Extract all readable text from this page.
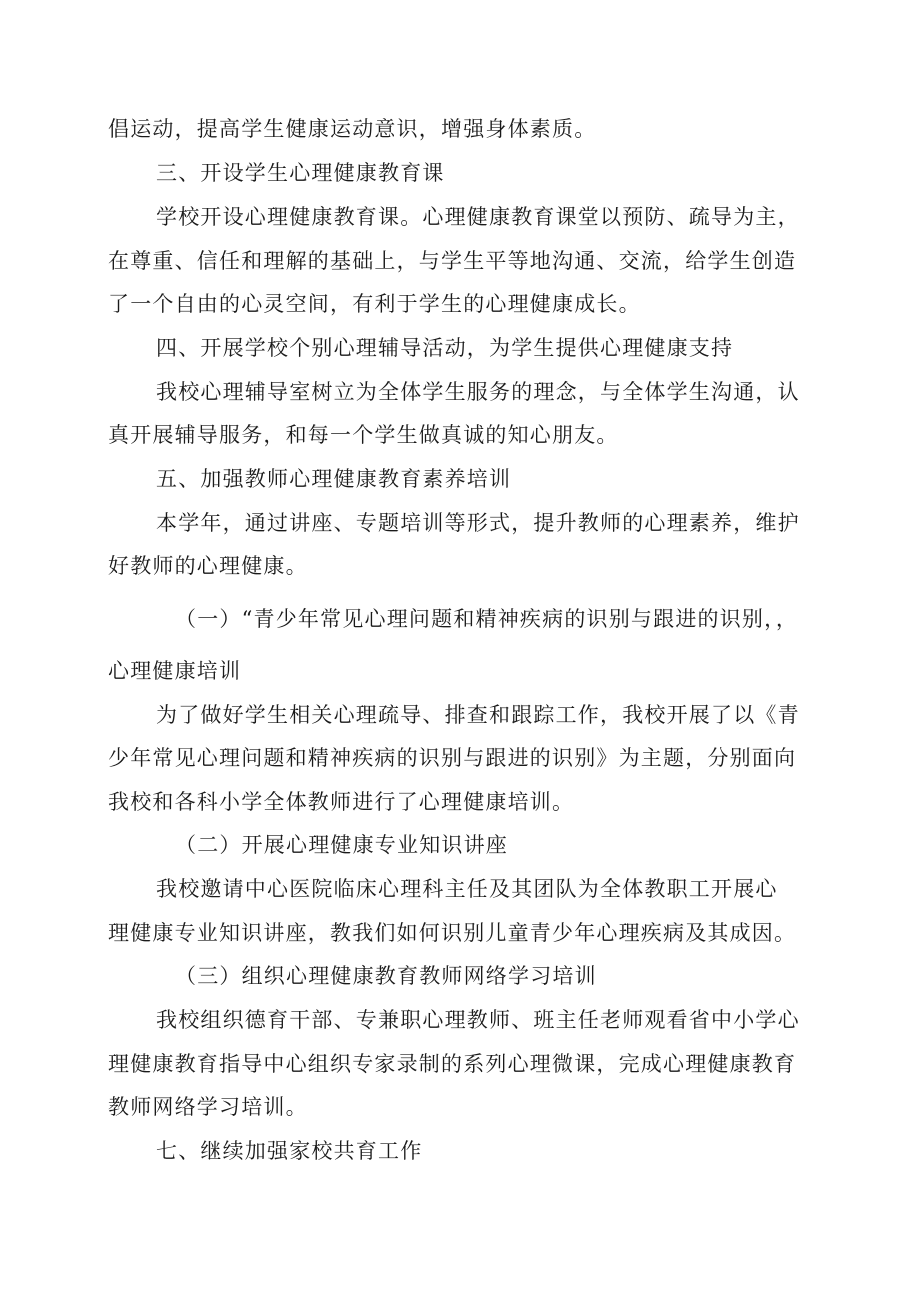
倡运动，提高学生健康运动意识，增强身体素质。
三、开设学生心理健康教育课
学校开设心理健康教育课。心理健康教育课堂以预防、疏导为主，
在尊重、信任和理解的基础上，与学生平等地沟通、交流，给学生创造
了一个自由的心灵空间，有利于学生的心理健康成长。
四、开展学校个别心理辅导活动，为学生提供心理健康支持
我校心理辅导室树立为全体学生服务的理念，与全体学生沟通，认
真开展辅导服务，和每一个学生做真诚的知心朋友。
五、加强教师心理健康教育素养培训
本学年，通过讲座、专题培训等形式，提升教师的心理素养，维护
好教师的心理健康。
（一）“青少年常见心理问题和精神疾病的识别与跟进的识别，，
心理健康培训
为了做好学生相关心理疏导、排查和跟踪工作，我校开展了以《青
少年常见心理问题和精神疾病的识别与跟进的识别》为主题，分别面向
我校和各科小学全体教师进行了心理健康培训。
（二）开展心理健康专业知识讲座
我校邀请中心医院临床心理科主任及其团队为全体教职工开展心
理健康专业知识讲座，教我们如何识别儿童青少年心理疾病及其成因。
（三）组织心理健康教育教师网络学习培训
我校组织德育干部、专兼职心理教师、班主任老师观看省中小学心
理健康教育指导中心组织专家录制的系列心理微课，完成心理健康教育
教师网络学习培训。
七、继续加强家校共育工作
